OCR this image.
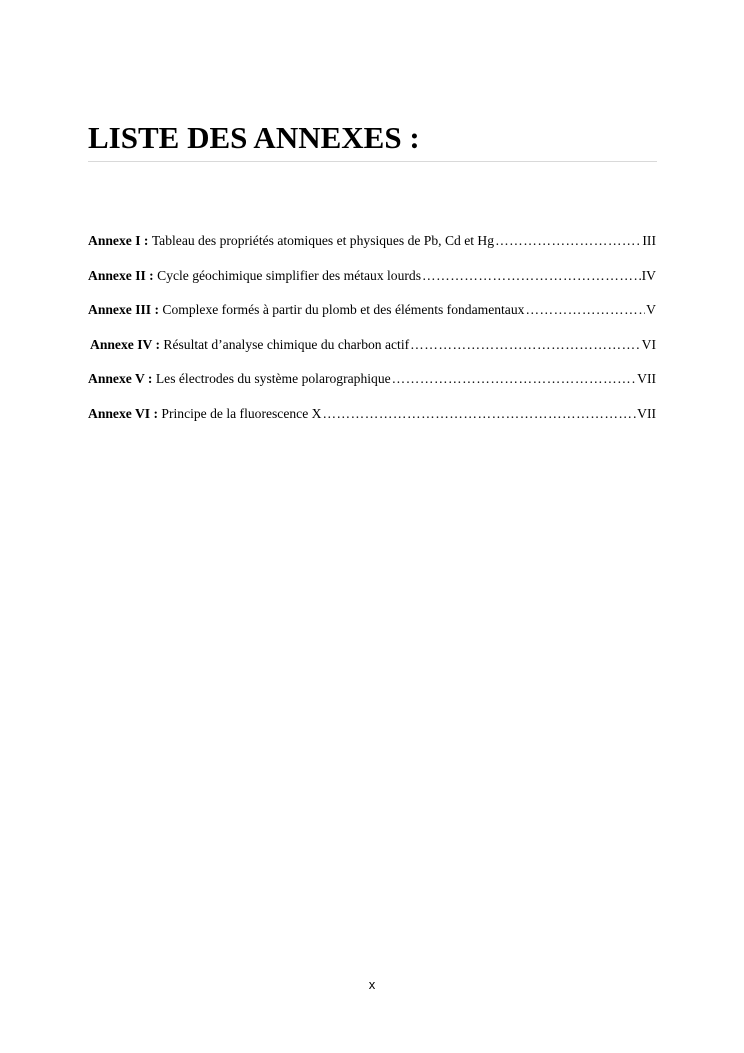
LISTE DES ANNEXES :
Annexe I :
Tableau des propriétés atomiques et physiques de Pb, Cd et Hg ………………………………………………………………………………………………………………………………………………………………	III
Annexe II :
Cycle géochimique simplifier des métaux lourds ………………………………………………………………………………………………………………………………………………………………	IV
Annexe III :
Complexe formés à partir du plomb et des éléments fondamentaux ………………………………………………………………………………………………………………………………………………………………	V
Annexe IV :
Résultat d’analyse chimique du charbon actif ………………………………………………………………………………………………………………………………………………………………	VI
Annexe V :
Les électrodes du système polarographique ………………………………………………………………………………………………………………………………………………………………	VII
Annexe VI :
Principe de la fluorescence X ………………………………………………………………………………………………………………………………………………………………	VII
x
